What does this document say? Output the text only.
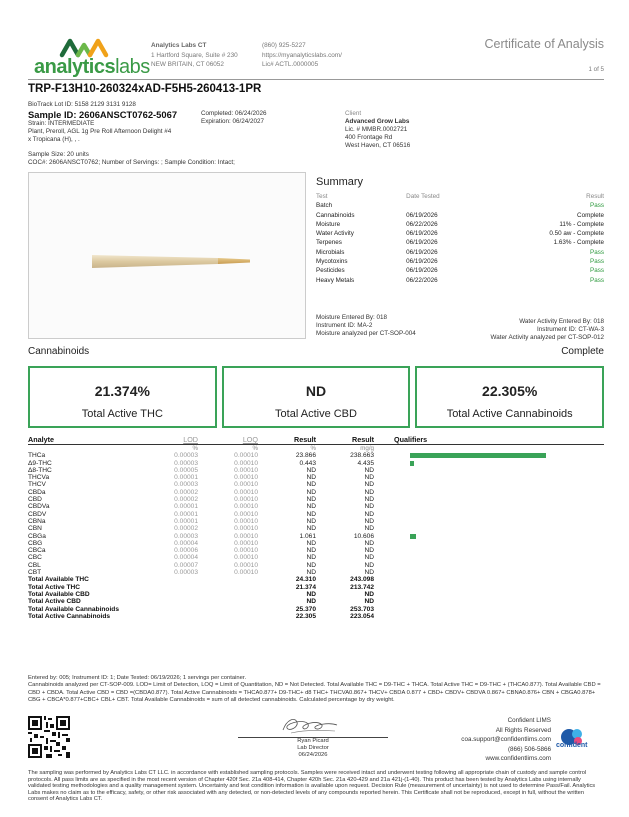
analyticslabs
Analytics Labs CT
1 Hartford Square, Suite # 230
NEW BRITAIN, CT 06052
(860) 925-5227
https://myanalyticslabs.com/
Lic# ACTL.0000005
Certificate of Analysis
1 of 5
TRP-F13H10-260324xAD-F5H5-260413-1PR
BioTrack Lot ID: 5158 2129 3131 9128
Sample ID: 2606ANSCT0762-5067	Completed: 06/24/2026
Expiration: 06/24/2027
Strain: INTERMEDIATE
Plant, Preroll, AGL 1g Pre Roll Afternoon Delight #4
x Tropicana (H), , .
Client
Advanced Grow Labs
Lic. # MMBR.0002721
400 Frontage Rd
West Haven, CT 06516
Sample Size: 20 units
COC#: 2606ANSCT0762; Number of Servings: ; Sample Condition: Intact;
Summary
Test	Date Tested	Result
Batch		Pass
Cannabinoids	06/19/2026	Complete
Moisture	06/22/2026	11% - Complete
Water Activity	06/19/2026	0.50 aw - Complete
Terpenes	06/19/2026	1.63% - Complete
Microbials	06/19/2026	Pass
Mycotoxins	06/19/2026	Pass
Pesticides	06/19/2026	Pass
Heavy Metals	06/22/2026	Pass
Moisture Entered By: 018
Instrument ID: MA-2
Moisture analyzed per CT-SOP-004
Water Activity Entered By: 018
Instrument ID: CT-WA-3
Water Activity analyzed per CT-SOP-012
Cannabinoids	Complete
21.374%
Total Active THC
ND
Total Active CBD
22.305%
Total Active Cannabinoids
Analyte	LOD	LOQ	Result	Result	Qualifiers
	%	%	%	mg/g	
THCa	0.00003	0.00010	23.866	238.663	

Δ9-THC	0.00003	0.00010	0.443	4.435	

Δ8-THC	0.00005	0.00010	ND	ND	
THCVa	0.00001	0.00010	ND	ND	
THCV	0.00003	0.00010	ND	ND	
CBDa	0.00002	0.00010	ND	ND	
CBD	0.00002	0.00010	ND	ND	
CBDVa	0.00001	0.00010	ND	ND	
CBDV	0.00001	0.00010	ND	ND	
CBNa	0.00001	0.00010	ND	ND	
CBN	0.00002	0.00010	ND	ND	
CBGa	0.00003	0.00010	1.061	10.606	

CBG	0.00004	0.00010	ND	ND	
CBCa	0.00006	0.00010	ND	ND	
CBC	0.00004	0.00010	ND	ND	
CBL	0.00007	0.00010	ND	ND	
CBT	0.00003	0.00010	ND	ND	
Total Available THC			24.310	243.098	
Total Active THC			21.374	213.742	
Total Available CBD			ND	ND	
Total Active CBD			ND	ND	
Total Available Cannabinoids			25.370	253.703	
Total Active Cannabinoids			22.305	223.054	
Entered by: 005; Instrument ID: 1; Date Tested: 06/19/2026; 1 servings per container.
Cannabinoids analyzed per CT-SOP-009. LOD= Limit of Detection, LOQ = Limit of Quantitation, ND = Not Detected. Total Available THC = D9-THC + THCA. Total Active THC = D9-THC + (THCA0.877). Total Available CBD = CBD + CBDA. Total Active CBD = CBD =(CBDA0.877). Total Active Cannabinoids = THCA0.877+ D9-THC+ d8 THC+ THCVA0.867+ THCV+ CBDA 0.877 + CBD+ CBDV+ CBDVA 0.867+ CBNA0.876+ CBN + CBGA0.878+ CBG + CBCA*0.877+CBC+ CBL+ CBT. Total Available Cannabinoids = sum of all detected cannabinoids. Calculated percentage by dry weight.
Ryan Picard
Lab Director
06/24/2026
Confident LIMS
All Rights Reserved
coa.support@confidentlims.com
(866) 506-5866
www.confidentlims.com
confident
The sampling was performed by Analytics Labs CT LLC. in accordance with established sampling protocols. Samples were received intact and underwent testing following all appropriate chain of custody and sample control protocols. All pass limits are as specified in the most recent version of Chapter 420f Sec. 21a 408-414, Chapter 420h Sec. 21a 420-429 and 21a 421j-(1-40). This product has been tested by Analytics Labs using internally validated testing methodologies and a quality management system. Uncertainty and test condition information is available upon request. Decision Rule (measurement of uncertainty) is not used to determine Pass/Fail. Analytics Labs makes no claim as to the efficacy, safety, or other risk associated with any detected, or non-detected levels of any compounds reported herein. This Certificate shall not be reproduced, except in full, without the written consent of Analytics Labs CT.
